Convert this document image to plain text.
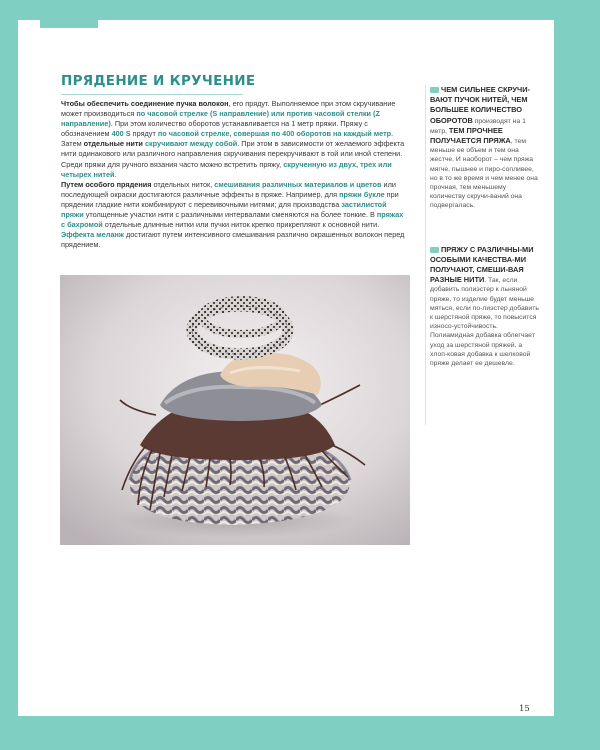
ПРЯДЕНИЕ И КРУЧЕНИЕ

Чтобы обеспечить соединение пучка волокон, его прядут. Выполняемое при этом скручивание может производиться по часовой стрелке (S направление) или против часовой стелки (Z направление). При этом количество оборотов устанавливается на 1 метр пряжи. Пряжу с обозначением 400 S прядут по часовой стрелке, совершая по 400 оборотов на каждый метр. Затем отдельные нити скручивают между собой. При этом в зависимости от желаемого эффекта нити одинакового или различного направления скручивания перекручивают в той или иной степени. Среди пряжи для ручного вязания часто можно встретить пряжу, скрученную из двух, трех или четырех нитей.

Путем особого прядения отдельных ниток, смешивания различных материалов и цветов или последующей окраски достигаются различные эффекты в пряже. Например, для пряжи букле при прядении гладкие нити комбинируют с перевивочными нитями; для производства застилистой пряжи утолщенные участки нити с различными интервалами сменяются на более тонкие. В пряжах с бахромой отдельные длинные нитки или пучки ниток крепко прикрепляют к основной нити. Эффекта меланж достигают путем интенсивного смешивания различно окрашенных волокон перед прядением.

ЧЕМ СИЛЬНЕЕ СКРУЧИ-ВАЮТ ПУЧОК НИТЕЙ, ЧЕМ БОЛЬШЕЕ КОЛИЧЕСТВО ОБОРОТОВ производят на 1 метр, ТЕМ ПРОЧНЕЕ ПОЛУЧАЕТСЯ ПРЯЖА, тем меньше ее объем и тем она жестче. И наоборот – чем пряжа мягче, пышнее и пиро-сопливее, но в то же время и чем менее она прочная, тем меньшему количеству скручи-ваний она подвергалась.
ПРЯЖУ С РАЗЛИЧНЫ-МИ ОСОБЫМИ КАЧЕСТВА-МИ ПОЛУЧАЮТ, СМЕШИ-ВАЯ РАЗНЫЕ НИТИ. Так, если добавить полиэстер к льняной пряже, то изделие будет меньше мяться, если по-лиэстер добавить к шерстяной пряже, то повысится износо-устойчивость. Полиамидная добавка облегчает уход за шерстяной пряжей, а хлоп-ковая добавка к шелковой пряже делает ее дешевле.
15
